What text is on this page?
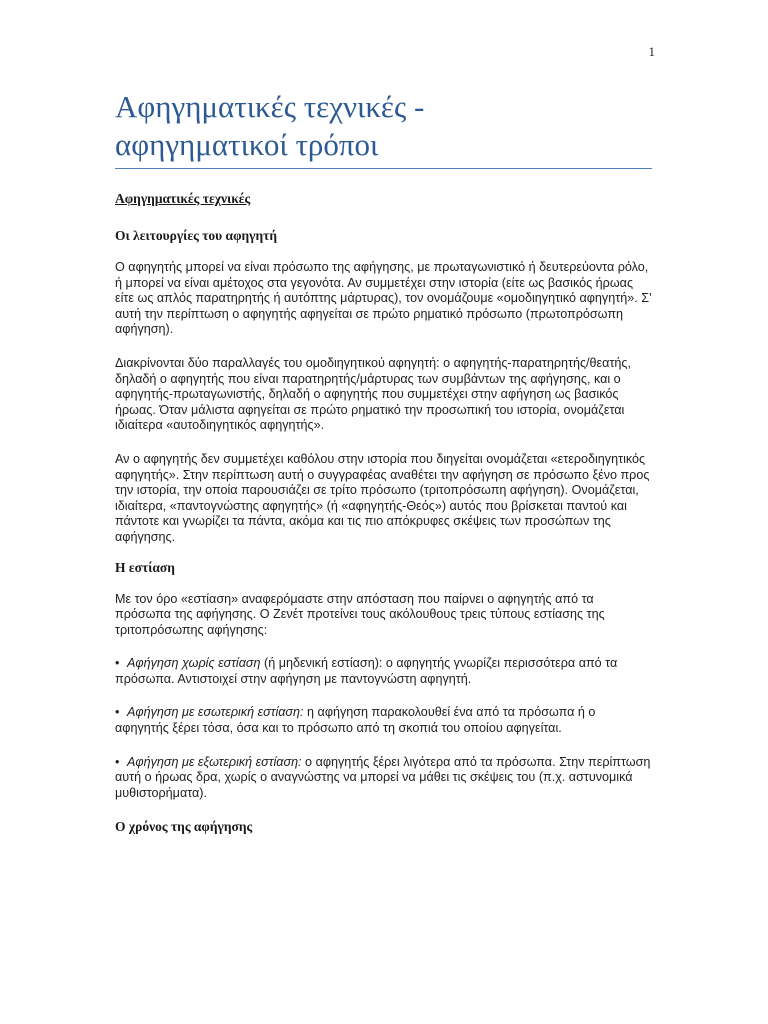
1
Αφηγηματικές τεχνικές -
αφηγηματικοί τρόποι

Αφηγηματικές τεχνικές

Οι λειτουργίες του αφηγητή

Ο αφηγητής μπορεί να είναι πρόσωπο της αφήγησης, με πρωταγωνιστικό ή δευτερεύοντα ρόλο, ή μπορεί να είναι αμέτοχος στα γεγονότα. Αν συμμετέχει στην ιστορία (είτε ως βασικός ήρωας είτε ως απλός παρατηρητής ή αυτόπτης μάρτυρας), τον ονομάζουμε «ομοδιηγητικό αφηγητή». Σ’ αυτή την περίπτωση ο αφηγητής αφηγείται σε πρώτο ρηματικό πρόσωπο (πρωτοπρόσωπη αφήγηση).

Διακρίνονται δύο παραλλαγές του ομοδιηγητικού αφηγητή: ο αφηγητής-παρατηρητής/θεατής, δηλαδή ο αφηγητής που είναι παρατηρητής/μάρτυρας των συμβάντων της αφήγησης, και ο αφηγητής-πρωταγωνιστής, δηλαδή ο αφηγητής που συμμετέχει στην αφήγηση ως βασικός ήρωας. Όταν μάλιστα αφηγείται σε πρώτο ρηματικό την προσωπική του ιστορία, ονομάζεται ιδιαίτερα «αυτοδιηγητικός αφηγητής».

Αν ο αφηγητής δεν συμμετέχει καθόλου στην ιστορία που διηγείται ονομάζεται «ετεροδιηγητικός αφηγητής». Στην περίπτωση αυτή ο συγγραφέας αναθέτει την αφήγηση σε πρόσωπο ξένο προς την ιστορία, την οποία παρουσιάζει σε τρίτο πρόσωπο (τριτοπρόσωπη αφήγηση). Ονομάζεται, ιδιαίτερα, «παντογνώστης αφηγητής» (ή «αφηγητής-Θεός») αυτός που βρίσκεται παντού και πάντοτε και γνωρίζει τα πάντα, ακόμα και τις πιο απόκρυφες σκέψεις των προσώπων της αφήγησης.

Η εστίαση

Με τον όρο «εστίαση» αναφερόμαστε στην απόσταση που παίρνει ο αφηγητής από τα πρόσωπα της αφήγησης. Ο Ζενέτ προτείνει τους ακόλουθους τρεις τύπους εστίασης της τριτοπρόσωπης αφήγησης:

• Αφήγηση χωρίς εστίαση (ή μηδενική εστίαση): ο αφηγητής γνωρίζει περισσότερα από τα πρόσωπα. Αντιστοιχεί στην αφήγηση με παντογνώστη αφηγητή.

• Αφήγηση με εσωτερική εστίαση: η αφήγηση παρακολουθεί ένα από τα πρόσωπα ή ο αφηγητής ξέρει τόσα, όσα και το πρόσωπο από τη σκοπιά του οποίου αφηγείται.

• Αφήγηση με εξωτερική εστίαση: ο αφηγητής ξέρει λιγότερα από τα πρόσωπα. Στην περίπτωση αυτή ο ήρωας δρα, χωρίς ο αναγνώστης να μπορεί να μάθει τις σκέψεις του (π.χ. αστυνομικά μυθιστορήματα).

Ο χρόνος της αφήγησης
